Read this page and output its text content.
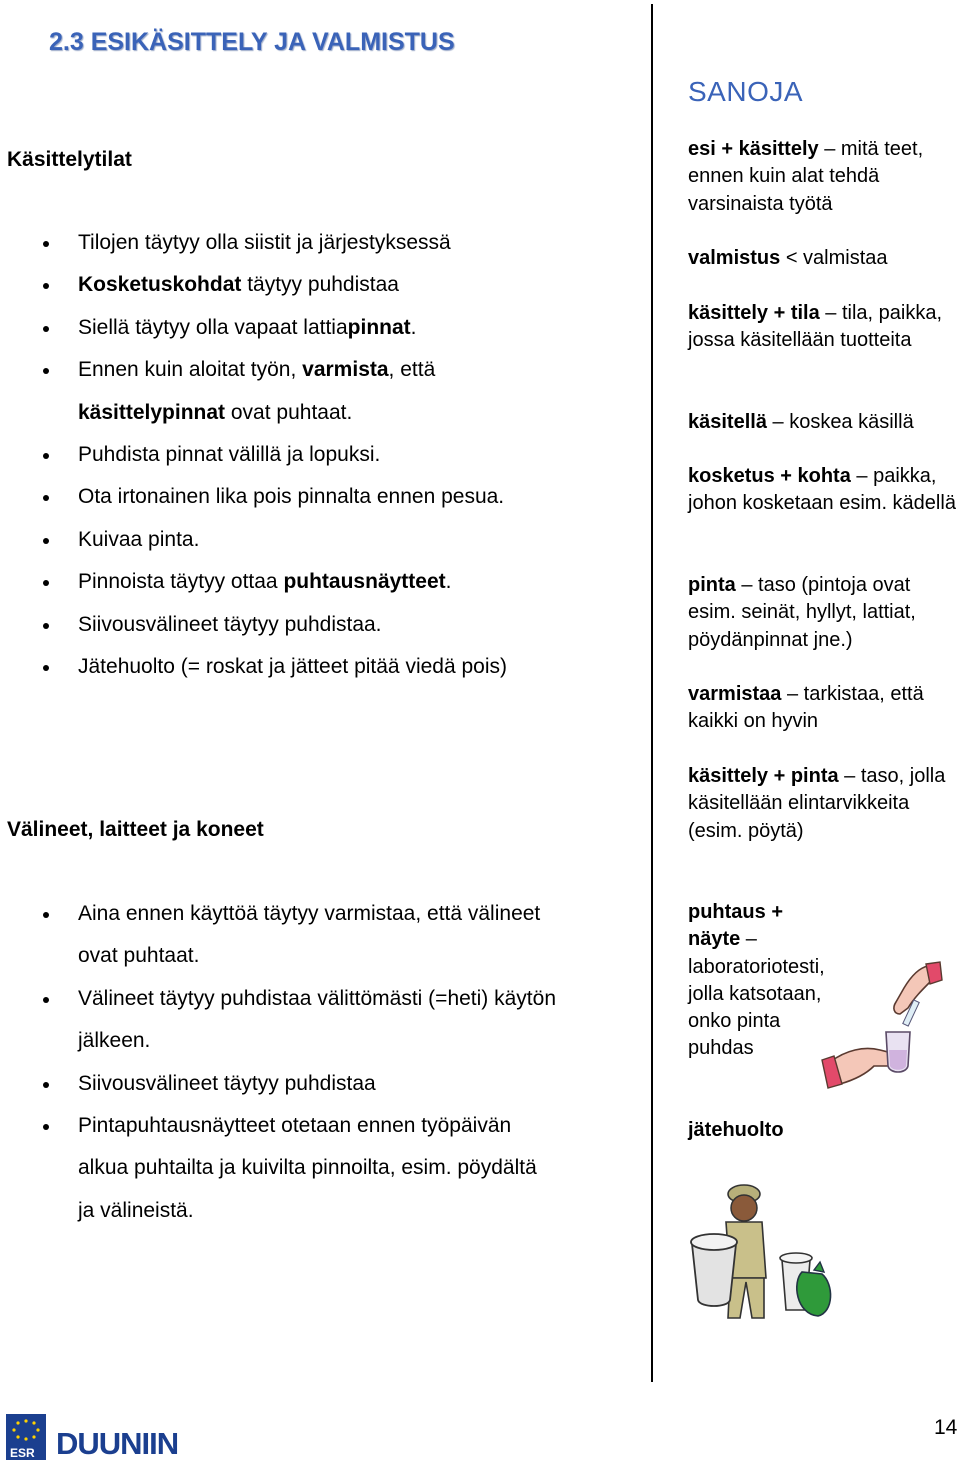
2.3 ESIKÄSITTELY JA VALMISTUS
Käsittelytilat
Tilojen täytyy olla siistit ja järjestyksessä
Kosketuskohdat täytyy puhdistaa
Siellä täytyy olla vapaat lattiapinnat.
Ennen kuin aloitat työn, varmista, että
käsittelypinnat ovat puhtaat.
Puhdista pinnat välillä ja lopuksi.
Ota irtonainen lika pois pinnalta ennen pesua.
Kuivaa pinta.
Pinnoista täytyy ottaa puhtausnäytteet.
Siivousvälineet täytyy puhdistaa.
Jätehuolto (= roskat ja jätteet pitää viedä pois)
Välineet, laitteet ja koneet
Aina ennen käyttöä täytyy varmistaa, että välineet
ovat puhtaat.
Välineet täytyy puhdistaa välittömästi (=heti) käytön
jälkeen.
Siivousvälineet täytyy puhdistaa
Pintapuhtausnäytteet otetaan ennen työpäivän
alkua puhtailta ja kuivilta pinnoilta, esim. pöydältä
ja välineistä.
SANOJA

esi + käsittely – mitä teet, ennen kuin alat tehdä varsinaista työtä

valmistus < valmistaa

käsittely + tila – tila, paikka, jossa käsitellään tuotteita

käsitellä – koskea käsillä

kosketus + kohta – paikka, johon kosketaan esim. kädellä

pinta – taso (pintoja ovat esim. seinät, hyllyt, lattiat, pöydänpinnat jne.)

varmistaa – tarkistaa, että kaikki on hyvin

käsittely + pinta – taso, jolla käsitellään elintarvikkeita (esim. pöytä)

puhtaus + näyte – laboratoriotesti, jolla katsotaan, onko pinta puhdas

jätehuolto

ESR DUUNIIN	14
